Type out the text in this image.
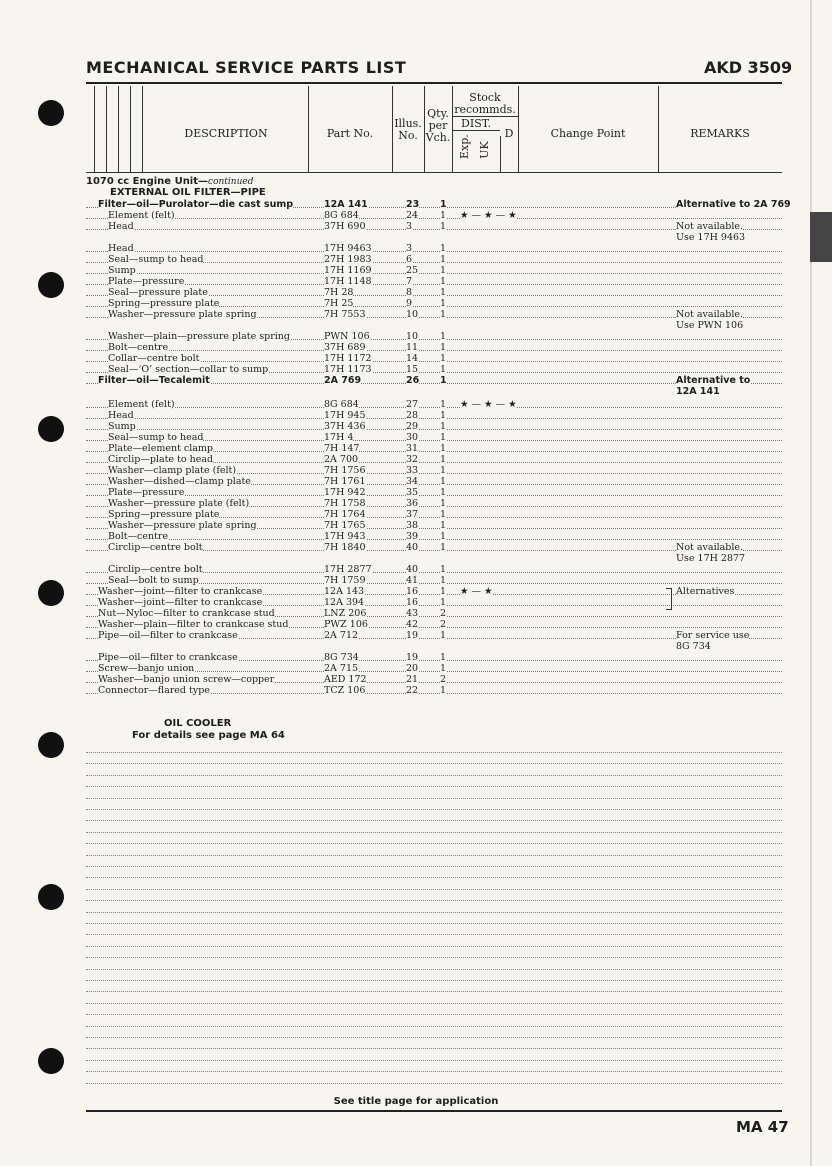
MECHANICAL SERVICE PARTS LIST	AKD 3509
DESCRIPTION	Part No.
Illus. No.
Qty. per Vch.
Stock recommds.
DIST.
Exp. UK
D	Change Point	REMARKS
1070 cc Engine Unit—continued
EXTERNAL OIL FILTER—PIPE
Filter—oil—Purolator—die cast sump	12A 141	23 1	Alternative to 2A 769
Element (felt)	8G 684	24 1 ★ — ★ — ★
Head	37H 690	3	1	Not available.
Use 17H 9463
Head	17H 9463	3	1
Seal—sump to head	27H 1983	6	1
Sump	17H 1169	25 1
Plate—pressure	17H 1148	7	1
Seal—pressure plate	7H 28	8	1
Spring—pressure plate	7H 25	9	1
Washer—pressure plate spring	7H 7553	10 1	Not available.
Use PWN 106
Washer—plain—pressure plate spring	PWN 106	10 1
Bolt—centre	37H 689	11 1
Collar—centre bolt	17H 1172	14 1
Seal—‘O’ section—collar to sump	17H 1173	15 1
Filter—oil—Tecalemit	2A 769	26 1	Alternative to
12A 141
Element (felt)	8G 684	27 1 ★ — ★ — ★
Head	17H 945	28 1
Sump	37H 436	29 1
Seal—sump to head	17H 4	30 1
Plate—element clamp	7H 147	31 1
Circlip—plate to head	2A 700	32 1
Washer—clamp plate (felt)	7H 1756	33 1
Washer—dished—clamp plate	7H 1761	34 1
Plate—pressure	17H 942	35 1
Washer—pressure plate (felt)	7H 1758	36 1
Spring—pressure plate	7H 1764	37 1
Washer—pressure plate spring	7H 1765	38 1
Bolt—centre	17H 943	39 1
Circlip—centre bolt	7H 1840	40 1	Not available.
Use 17H 2877
Circlip—centre bolt	17H 2877	40 1
Seal—bolt to sump	7H 1759	41 1
Washer—joint—filter to crankcase	12A 143	16 1 ★ — ★	Alternatives
Washer—joint—filter to crankcase	12A 394	16 1
Nut—Nyloc—filter to crankcase stud	LNZ 206	43 2
Washer—plain—filter to crankcase stud	PWZ 106	42 2
Pipe—oil—filter to crankcase	2A 712	19 1	For service use
8G 734
Pipe—oil—filter to crankcase	8G 734	19 1
Screw—banjo union	2A 715	20 1
Washer—banjo union screw—copper	AED 172	21 2
Connector—flared type	TCZ 106	22 1
OIL COOLER
For details see page MA 64
See title page for application
MA 47
